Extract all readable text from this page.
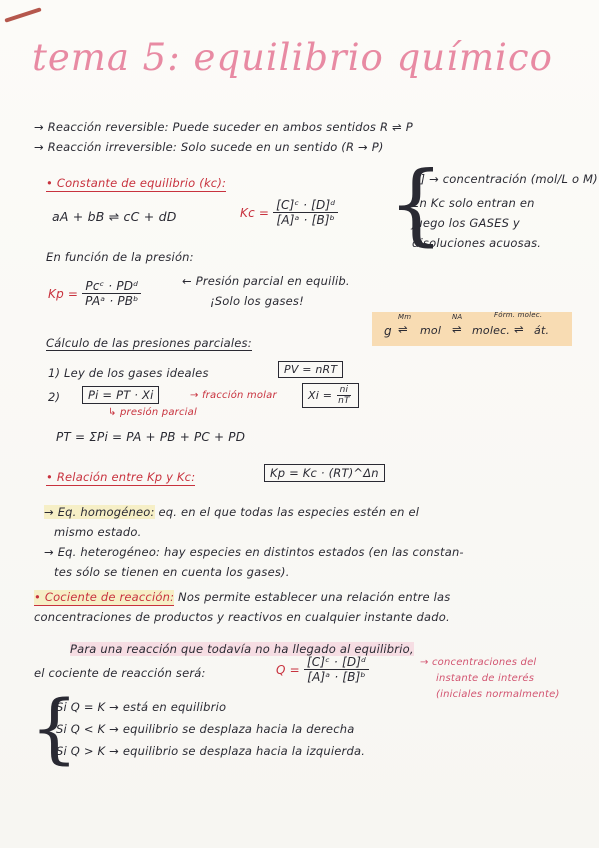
tema 5: equilibrio químico
→ Reacción reversible: Puede suceder en ambos sentidos R ⇌ P
→ Reacción irreversible: Solo sucede en un sentido (R → P)
• Constante de equilibrio (kc):
aA + bB ⇌ cC + dD	$Kc = \frac{\text{[C]ᶜ · [D]ᵈ}}{\text{[A]ᵃ · [B]ᵇ}}$ {
[ ] → concentración (mol/L o M)
En Kc solo entran en
juego los GASES y
disoluciones acuosas.
En función de la presión:
$Kp = \frac{\text{Pcᶜ · PDᵈ}}{\text{PAᵃ · PBᵇ}}$	← Presión parcial en equilib.
¡Solo los gases!
g
Mm
⇌ mol
NA
⇌ molec.
Fórm. molec.
⇌ át.
Cálculo de las presiones parciales:
1) Ley de los gases ideales	PV = nRT
2)	Pi = PT · Xi	→ fracción molar
↳ presión parcial
$Xi = \frac{ni}{nT}$
PT = ΣPi = PA + PB + PC + PD
• Relación entre Kp y Kc:	Kp = Kc · (RT)^Δn
→ Eq. homogéneo: eq. en el que todas las especies estén en el
mismo estado.
→ Eq. heterogéneo: hay especies en distintos estados (en las constan-
tes sólo se tienen en cuenta los gases).
• Cociente de reacción: Nos permite establecer una relación entre las
concentraciones de productos y reactivos en cualquier instante dado.
Para una reacción que todavía no ha llegado al equilibrio,
el cociente de reacción será:	$Q = \frac{\text{[C]ᶜ · [D]ᵈ}}{\text{[A]ᵃ · [B]ᵇ}}$	→ concentraciones del
instante de interés
(iniciales normalmente)
{
Si Q = K → está en equilibrio
Si Q < K → equilibrio se desplaza hacia la derecha
Si Q > K → equilibrio se desplaza hacia la izquierda.
